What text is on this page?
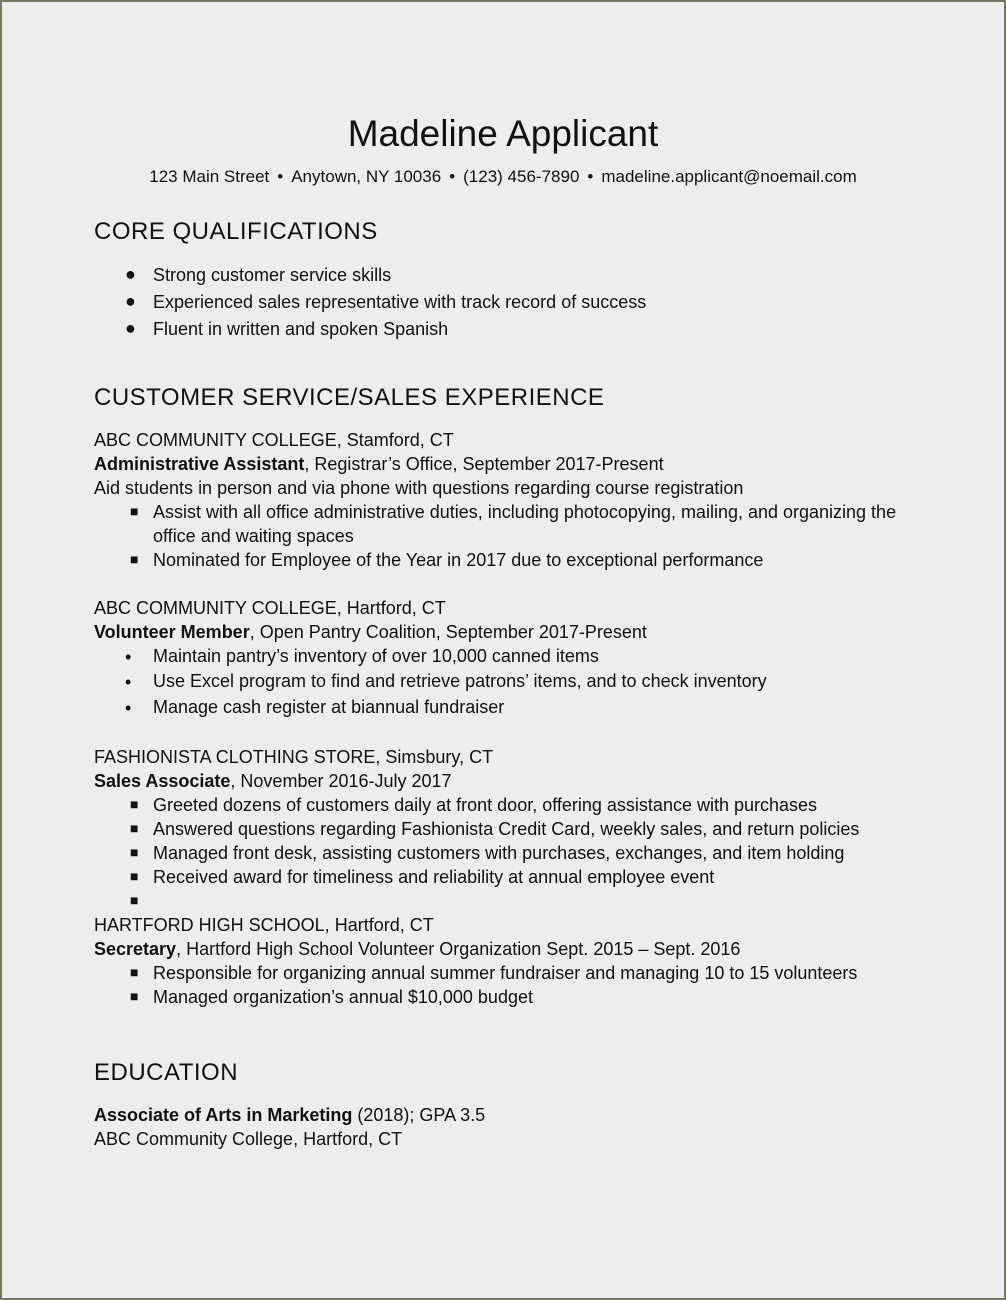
Madeline Applicant
123 Main Street • Anytown, NY 10036 • (123) 456-7890 • madeline.applicant@noemail.com
CORE QUALIFICATIONS
● Strong customer service skills
● Experienced sales representative with track record of success
● Fluent in written and spoken Spanish
CUSTOMER SERVICE/SALES EXPERIENCE
ABC COMMUNITY COLLEGE, Stamford, CT
Administrative Assistant, Registrar’s Office, September 2017-Present
Aid students in person and via phone with questions regarding course registration
■ Assist with all office administrative duties, including photocopying, mailing, and organizing the
office and waiting spaces
■ Nominated for Employee of the Year in 2017 due to exceptional performance
ABC COMMUNITY COLLEGE, Hartford, CT
Volunteer Member, Open Pantry Coalition, September 2017-Present
• Maintain pantry’s inventory of over 10,000 canned items
• Use Excel program to find and retrieve patrons’ items, and to check inventory
• Manage cash register at biannual fundraiser
FASHIONISTA CLOTHING STORE, Simsbury, CT
Sales Associate, November 2016-July 2017
■ Greeted dozens of customers daily at front door, offering assistance with purchases
■ Answered questions regarding Fashionista Credit Card, weekly sales, and return policies
■ Managed front desk, assisting customers with purchases, exchanges, and item holding
■ Received award for timeliness and reliability at annual employee event
■
HARTFORD HIGH SCHOOL, Hartford, CT
Secretary, Hartford High School Volunteer Organization Sept. 2015 – Sept. 2016
■ Responsible for organizing annual summer fundraiser and managing 10 to 15 volunteers
■ Managed organization’s annual $10,000 budget
EDUCATION
Associate of Arts in Marketing (2018); GPA 3.5
ABC Community College, Hartford, CT
